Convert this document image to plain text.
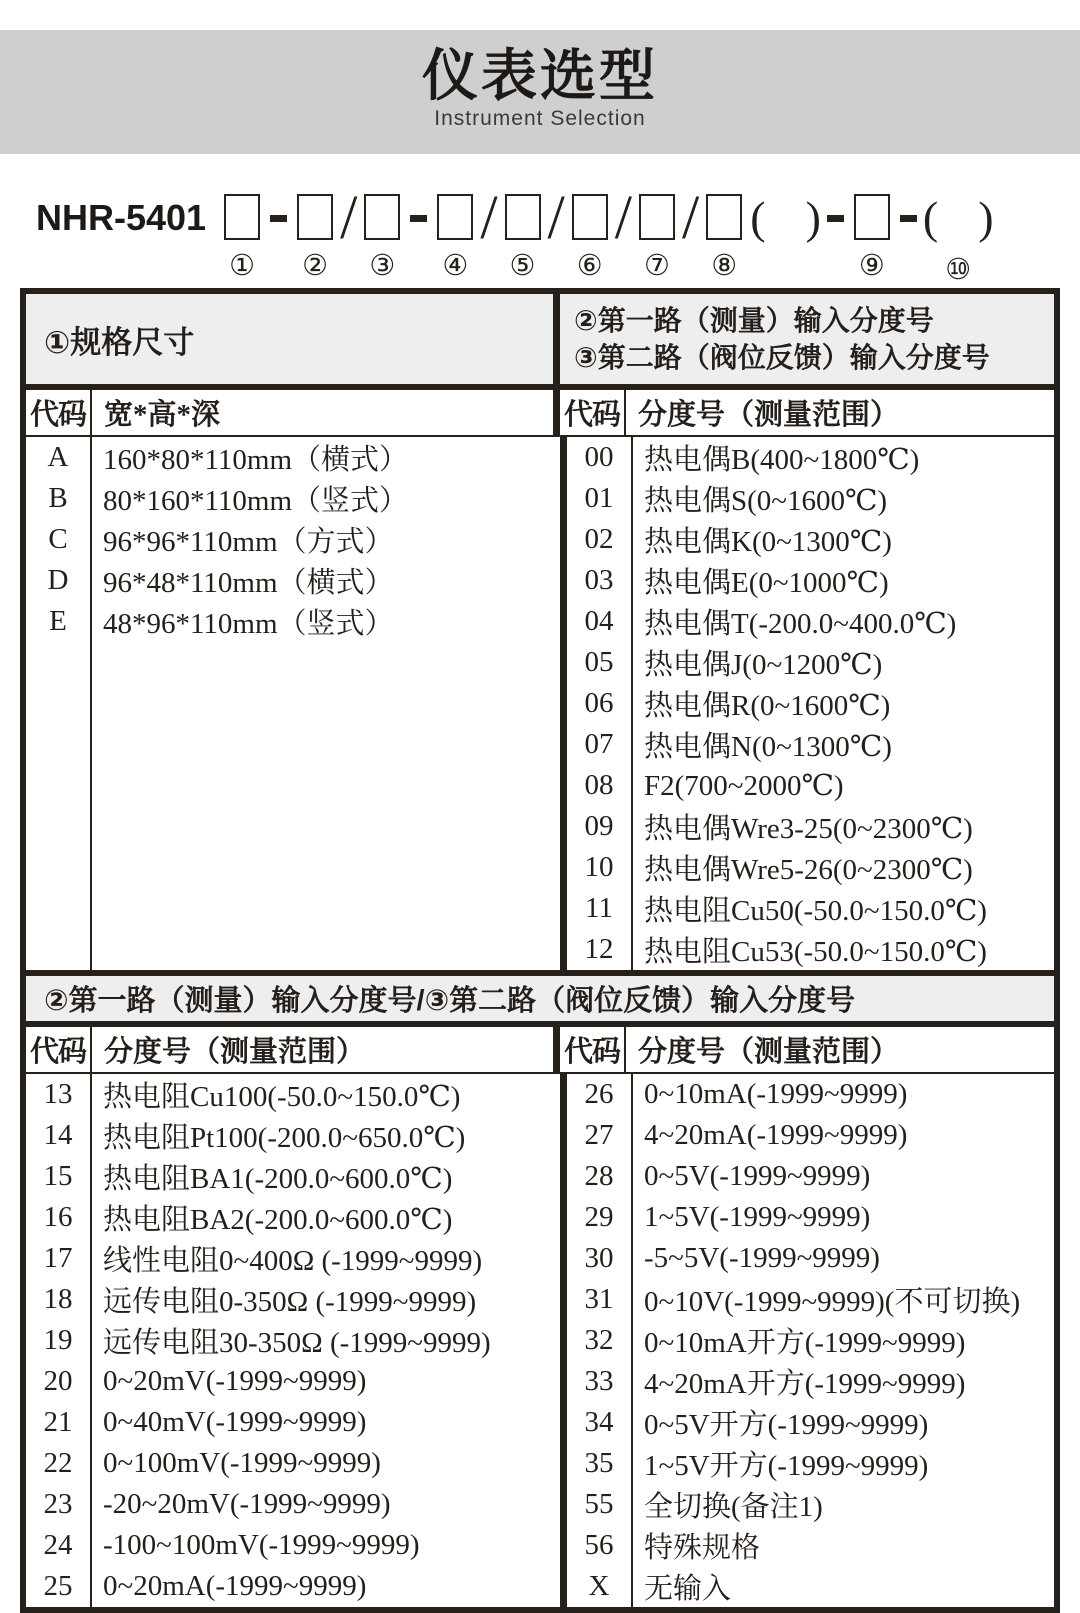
仪表选型
Instrument Selection
NHR-5401
① ②
/
③ ④
/
⑤
/
⑥
/
⑦
/
⑧
( )
⑨
(
⑩
)
①规格尺寸
②第一路（测量）输入分度号
③第二路（阀位反馈）输入分度号
代码 宽*高*深	代码 分度号（测量范围）
A	160*80*110mm（横式）
B	80*160*110mm（竖式）
C	96*96*110mm（方式）
D	96*48*110mm（横式）
E	48*96*110mm（竖式）
00	热电偶B(400~1800℃)
01	热电偶S(0~1600℃)
02	热电偶K(0~1300℃)
03	热电偶E(0~1000℃)
04	热电偶T(-200.0~400.0℃)
05	热电偶J(0~1200℃)
06	热电偶R(0~1600℃)
07	热电偶N(0~1300℃)
08	F2(700~2000℃)
09	热电偶Wre3-25(0~2300℃)
10	热电偶Wre5-26(0~2300℃)
11	热电阻Cu50(-50.0~150.0℃)
12	热电阻Cu53(-50.0~150.0℃)
②第一路（测量）输入分度号/③第二路（阀位反馈）输入分度号
代码 分度号（测量范围）	代码 分度号（测量范围）
13	热电阻Cu100(-50.0~150.0℃)
14	热电阻Pt100(-200.0~650.0℃)
15	热电阻BA1(-200.0~600.0℃)
16	热电阻BA2(-200.0~600.0℃)
17	线性电阻0~400Ω (-1999~9999)
18	远传电阻0-350Ω (-1999~9999)
19	远传电阻30-350Ω (-1999~9999)
20	0~20mV(-1999~9999)
21	0~40mV(-1999~9999)
22	0~100mV(-1999~9999)
23	-20~20mV(-1999~9999)
24	-100~100mV(-1999~9999)
25	0~20mA(-1999~9999)
26	0~10mA(-1999~9999)
27	4~20mA(-1999~9999)
28	0~5V(-1999~9999)
29	1~5V(-1999~9999)
30	-5~5V(-1999~9999)
31	0~10V(-1999~9999)(不可切换)
32	0~10mA开方(-1999~9999)
33	4~20mA开方(-1999~9999)
34	0~5V开方(-1999~9999)
35	1~5V开方(-1999~9999)
55	全切换(备注1)
56	特殊规格
X	无输入
